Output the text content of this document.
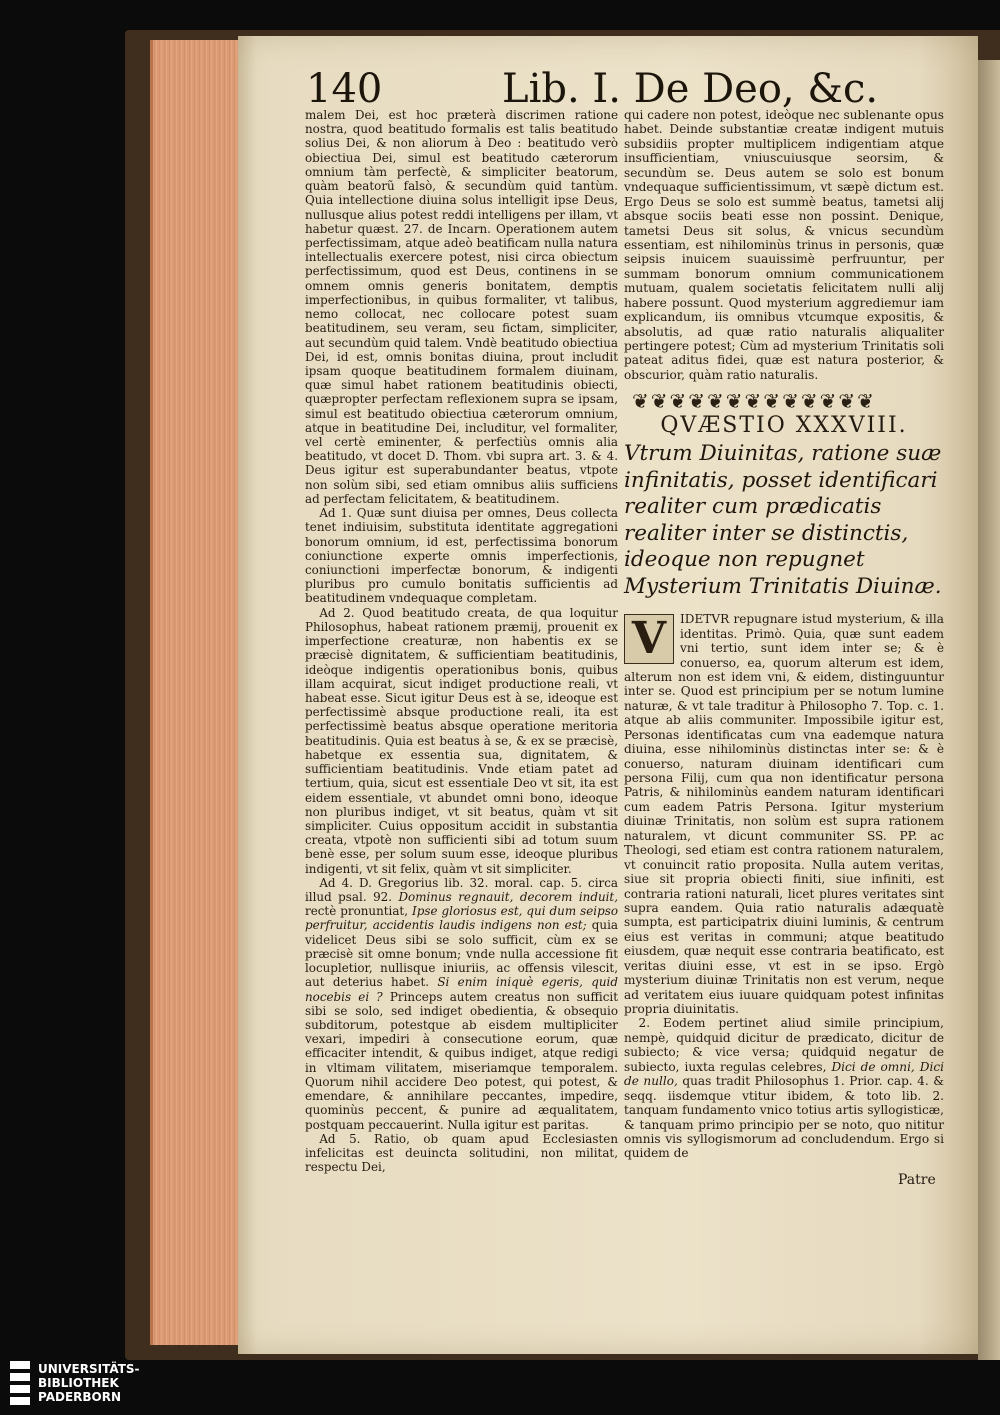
140	Lib. I. De Deo, &c.

malem Dei, est hoc præterà discrimen ratione nostra, quod beatitudo formalis est talis beatitudo solius Dei, & non aliorum à Deo : beatitudo verò obiectiua Dei, simul est beatitudo cæterorum omnium tàm perfectè, & simpliciter beatorum, quàm beatorũ falsò, & secundùm quid tantùm. Quia intellectione diuina solus intelligit ipse Deus, nullusque alius potest reddi intelligens per illam, vt habetur quæst. 27. de Incarn. Operationem autem perfectissimam, atque adeò beatificam nulla natura intellectualis exercere potest, nisi circa obiectum perfectissimum, quod est Deus, continens in se omnem omnis generis bonitatem, demptis imperfectionibus, in quibus formaliter, vt talibus, nemo collocat, nec collocare potest suam beatitudinem, seu veram, seu fictam, simpliciter, aut secundùm quid talem. Vndè beatitudo obiectiua Dei, id est, omnis bonitas diuina, prout includit ipsam quoque beatitudinem formalem diuinam, quæ simul habet rationem beatitudinis obiecti, quæpropter perfectam reflexionem supra se ipsam, simul est beatitudo obiectiua cæterorum omnium, atque in beatitudine Dei, includitur, vel formaliter, vel certè eminenter, & perfectiùs omnis alia beatitudo, vt docet D. Thom. vbi supra art. 3. & 4. Deus igitur est superabundanter beatus, vtpote non solùm sibi, sed etiam omnibus aliis sufficiens ad perfectam felicitatem, & beatitudinem.

Ad 1. Quæ sunt diuisa per omnes, Deus collecta tenet indiuisim, substituta identitate aggregationi bonorum omnium, id est, perfectissima bonorum coniunctione experte omnis imperfectionis, coniunctioni imperfectæ bonorum, & indigenti pluribus pro cumulo bonitatis sufficientis ad beatitudinem vndequaque completam.

Ad 2. Quod beatitudo creata, de qua loquitur Philosophus, habeat rationem præmij, prouenit ex imperfectione creaturæ, non habentis ex se præcisè dignitatem, & sufficientiam beatitudinis, ideòque indigentis operationibus bonis, quibus illam acquirat, sicut indiget productione reali, vt habeat esse. Sicut igitur Deus est à se, ideoque est perfectissimè absque productione reali, ita est perfectissimè beatus absque operatione meritoria beatitudinis. Quia est beatus à se, & ex se præcisè, habetque ex essentia sua, dignitatem, & sufficientiam beatitudinis. Vnde etiam patet ad tertium, quia, sicut est essentiale Deo vt sit, ita est eidem essentiale, vt abundet omni bono, ideoque non pluribus indiget, vt sit beatus, quàm vt sit simpliciter. Cuius oppositum accidit in substantia creata, vtpotè non sufficienti sibi ad totum suum benè esse, per solum suum esse, ideoque pluribus indigenti, vt sit felix, quàm vt sit simpliciter.

Ad 4. D. Gregorius lib. 32. moral. cap. 5. circa illud psal. 92. Dominus regnauit, decorem induit, rectè pronuntiat, Ipse gloriosus est, qui dum seipso perfruitur, accidentis laudis indigens non est; quia videlicet Deus sibi se solo sufficit, cùm ex se præcisè sit omne bonum; vnde nulla accessione fit locupletior, nullisque iniuriis, ac offensis vilescit, aut deterius habet. Si enim iniquè egeris, quid nocebis ei ? Princeps autem creatus non sufficit sibi se solo, sed indiget obedientia, & obsequio subditorum, potestque ab eisdem multipliciter vexari, impediri à consecutione eorum, quæ efficaciter intendit, & quibus indiget, atque redigi in vltimam vilitatem, miseriamque temporalem. Quorum nihil accidere Deo potest, qui potest, & emendare, & annihilare peccantes, impedire, quominùs peccent, & punire ad æqualitatem, postquam peccauerint. Nulla igitur est paritas.

Ad 5. Ratio, ob quam apud Ecclesiasten infelicitas est deuincta solitudini, non militat, respectu Dei,

qui cadere non potest, ideòque nec sublenante opus habet. Deinde substantiæ creatæ indigent mutuis subsidiis propter multiplicem indigentiam atque insufficientiam, vniuscuiusque seorsim, & secundùm se. Deus autem se solo est bonum vndequaque sufficientissimum, vt sæpè dictum est. Ergo Deus se solo est summè beatus, tametsi alij absque sociis beati esse non possint. Denique, tametsi Deus sit solus, & vnicus secundùm essentiam, est nihilominùs trinus in personis, quæ seipsis inuicem suauissimè perfruuntur, per summam bonorum omnium communicationem mutuam, qualem societatis felicitatem nulli alij habere possunt. Quod mysterium aggrediemur iam explicandum, iis omnibus vtcumque expositis, & absolutis, ad quæ ratio naturalis aliqualiter pertingere potest; Cùm ad mysterium Trinitatis soli pateat aditus fidei, quæ est natura posterior, & obscurior, quàm ratio naturalis.

❦❦❦❦❦❦❦❦❦❦❦❦❦
QVÆSTIO XXXVIII.
Vtrum Diuinitas, ratione suæ infinitatis, posset identificari realiter cum prædicatis realiter inter se distinctis, ideoque non repugnet Mysterium Trinitatis Diuinæ.

V	IDETVR repugnare istud mysterium, & illa identitas. Primò. Quia, quæ sunt eadem vni tertio, sunt idem inter se; & è conuerso, ea, quorum alterum est idem, alterum non est idem vni, & eidem, distinguuntur inter se. Quod est principium per se notum lumine naturæ, & vt tale traditur à Philosopho 7. Top. c. 1. atque ab aliis communiter. Impossibile igitur est, Personas identificatas cum vna eademque natura diuina, esse nihilominùs distinctas inter se: & è conuerso, naturam diuinam identificari cum persona Filij, cum qua non identificatur persona Patris, & nihilominùs eandem naturam identificari cum eadem Patris Persona. Igitur mysterium diuinæ Trinitatis, non solùm est supra rationem naturalem, vt dicunt communiter SS. PP. ac Theologi, sed etiam est contra rationem naturalem, vt conuincit ratio proposita. Nulla autem veritas, siue sit propria obiecti finiti, siue infiniti, est contraria rationi naturali, licet plures veritates sint supra eandem. Quia ratio naturalis adæquatè sumpta, est participatrix diuini luminis, & centrum eius est veritas in communi; atque beatitudo eiusdem, quæ nequit esse contraria beatificato, est veritas diuini esse, vt est in se ipso. Ergò mysterium diuinæ Trinitatis non est verum, neque ad veritatem eius iuuare quidquam potest infinitas propria diuinitatis.

2. Eodem pertinet aliud simile principium, nempè, quidquid dicitur de prædicato, dicitur de subiecto; & vice versa; quidquid negatur de subiecto, iuxta regulas celebres, Dici de omni, Dici de nullo, quas tradit Philosophus 1. Prior. cap. 4. & seqq. iisdemque vtitur ibidem, & toto lib. 2. tanquam fundamento vnico totius artis syllogisticæ, & tanquam primo principio per se noto, quo nititur omnis vis syllogismorum ad concludendum. Ergo si quidem de

Patre
UNIVERSITÄTS-
BIBLIOTHEK
PADERBORN
